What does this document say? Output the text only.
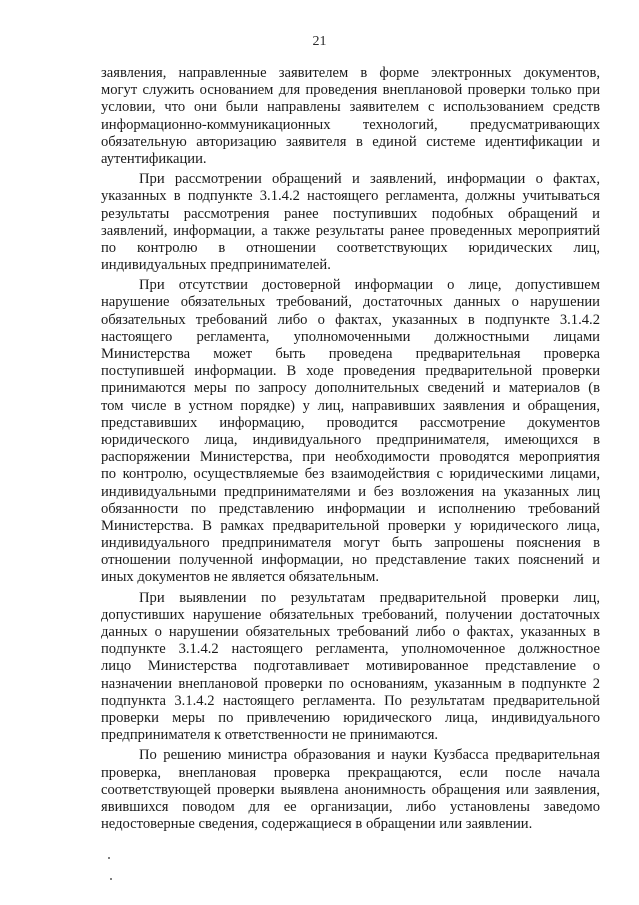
21
заявления, направленные заявителем в форме электронных документов,
могут служить основанием для проведения внеплановой проверки только при
условии, что они были направлены заявителем с использованием средств
информационно-коммуникационных технологий, предусматривающих
обязательную авторизацию заявителя в единой системе идентификации и
аутентификации.
При рассмотрении обращений и заявлений, информации о фактах,
указанных в подпункте 3.1.4.2 настоящего регламента, должны учитываться
результаты рассмотрения ранее поступивших подобных обращений и
заявлений, информации, а также результаты ранее проведенных мероприятий
по контролю в отношении соответствующих юридических лиц,
индивидуальных предпринимателей.
При отсутствии достоверной информации о лице, допустившем
нарушение обязательных требований, достаточных данных о нарушении
обязательных требований либо о фактах, указанных в подпункте 3.1.4.2
настоящего регламента, уполномоченными должностными лицами
Министерства может быть проведена предварительная проверка
поступившей информации. В ходе проведения предварительной проверки
принимаются меры по запросу дополнительных сведений и материалов (в
том числе в устном порядке) у лиц, направивших заявления и обращения,
представивших информацию, проводится рассмотрение документов
юридического лица, индивидуального предпринимателя, имеющихся в
распоряжении Министерства, при необходимости проводятся мероприятия
по контролю, осуществляемые без взаимодействия с юридическими лицами,
индивидуальными предпринимателями и без возложения на указанных лиц
обязанности по представлению информации и исполнению требований
Министерства. В рамках предварительной проверки у юридического лица,
индивидуального предпринимателя могут быть запрошены пояснения в
отношении полученной информации, но представление таких пояснений и
иных документов не является обязательным.
При выявлении по результатам предварительной проверки лиц,
допустивших нарушение обязательных требований, получении достаточных
данных о нарушении обязательных требований либо о фактах, указанных в
подпункте 3.1.4.2 настоящего регламента, уполномоченное должностное
лицо Министерства подготавливает мотивированное представление о
назначении внеплановой проверки по основаниям, указанным в подпункте 2
подпункта 3.1.4.2 настоящего регламента. По результатам предварительной
проверки меры по привлечению юридического лица, индивидуального
предпринимателя к ответственности не принимаются.
По решению министра образования и науки Кузбасса предварительная
проверка, внеплановая проверка прекращаются, если после начала
соответствующей проверки выявлена анонимность обращения или заявления,
явившихся поводом для ее организации, либо установлены заведомо
недостоверные сведения, содержащиеся в обращении или заявлении.
